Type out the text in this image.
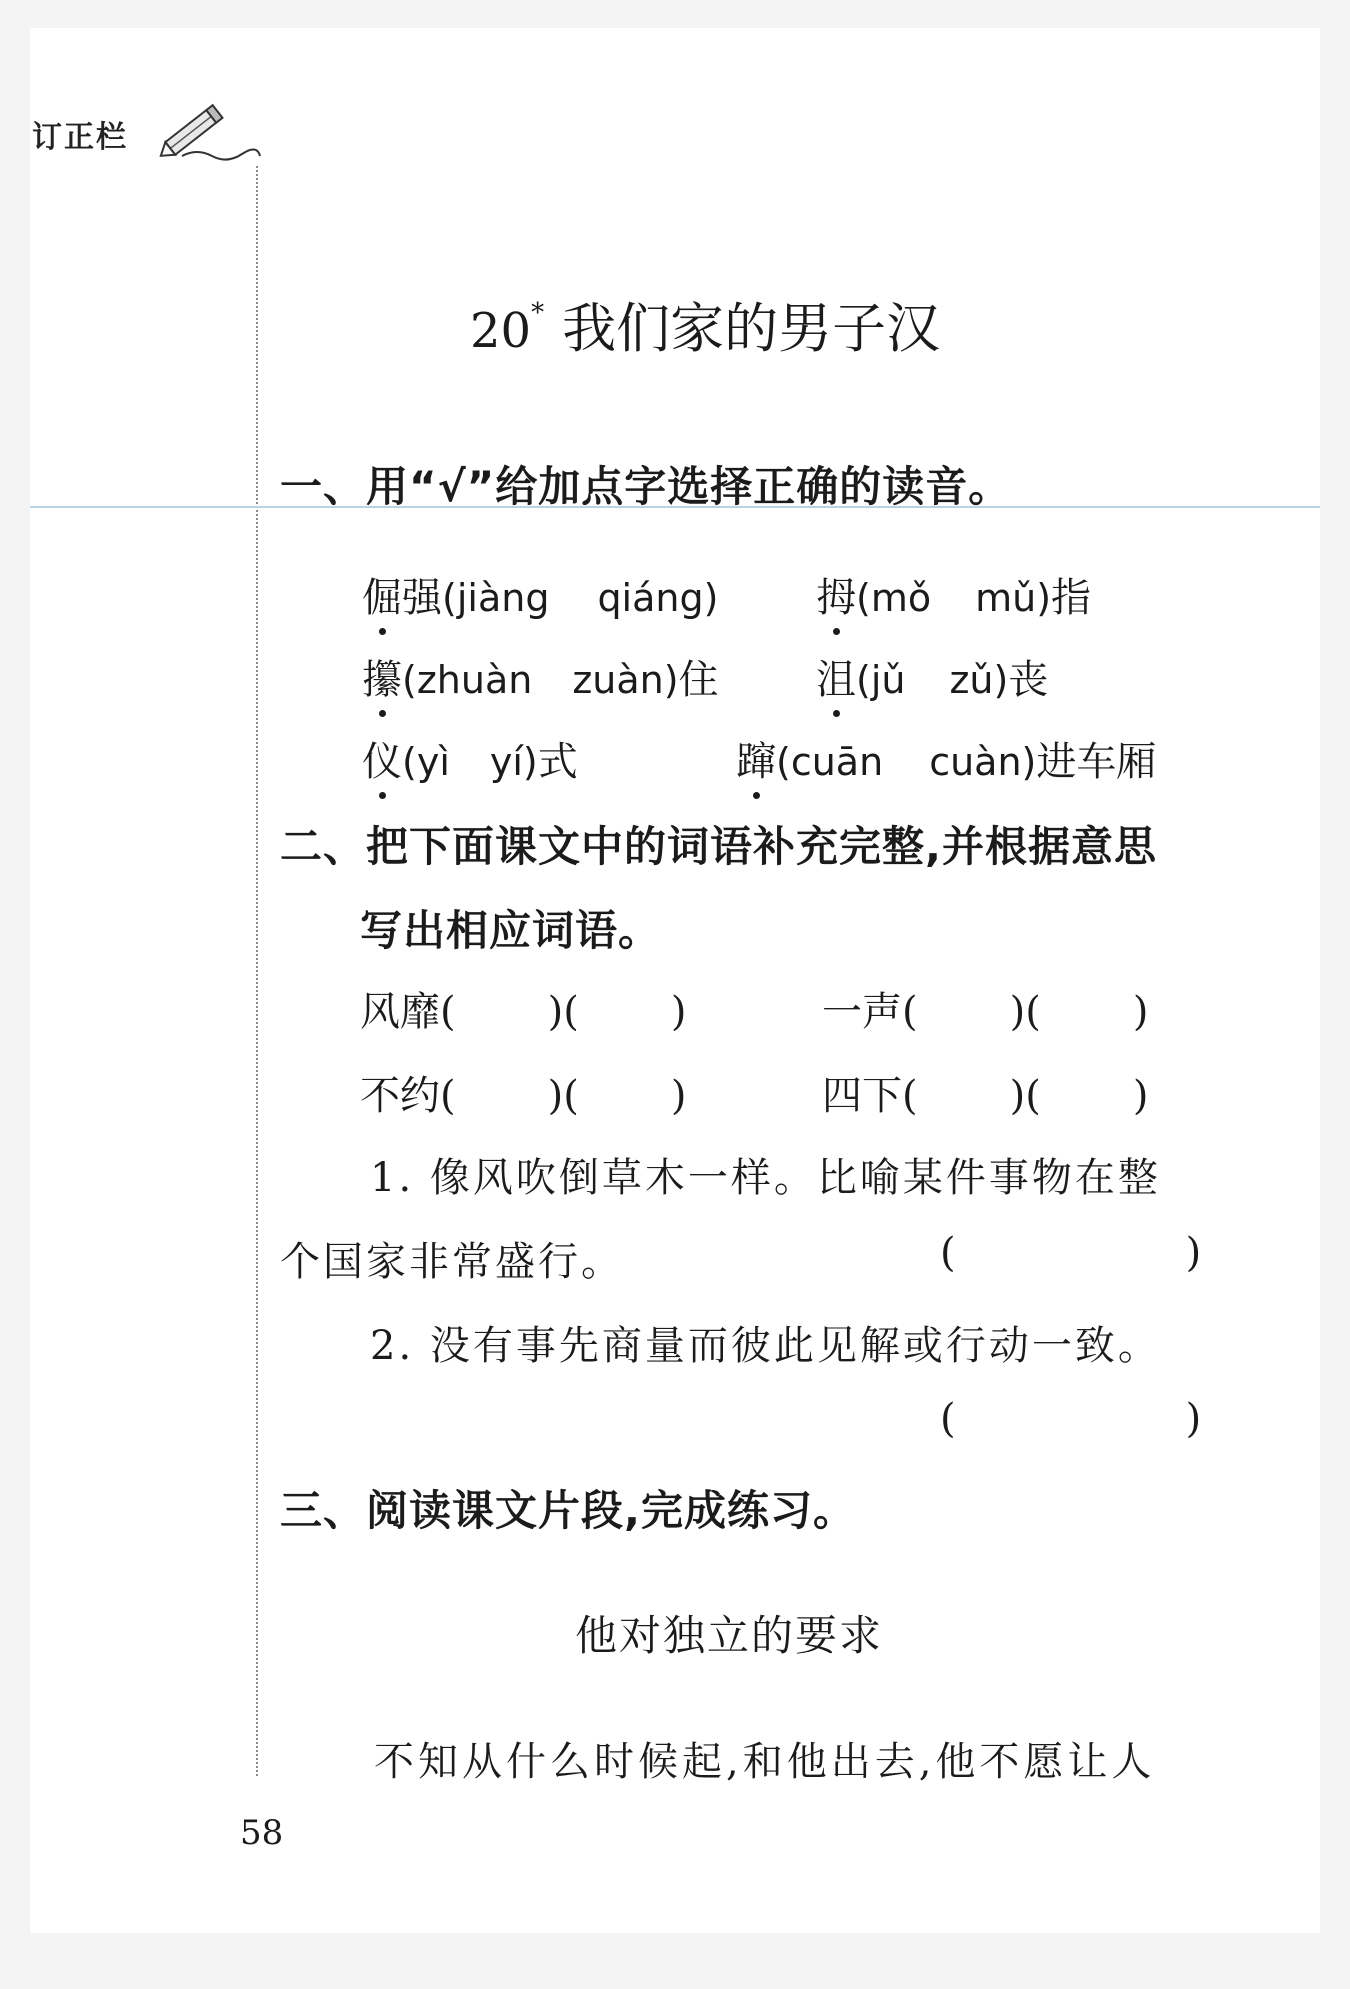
订正栏
20* 我们家的男子汉
一、用“√”给加点字选择正确的读音。
倔强(jiàng qiáng) 拇(mǒ mǔ)指
攥(zhuàn zuàn)住 沮(jǔ zǔ)丧
仪(yì yí)式	蹿(cuān cuàn)进车厢
二、把下面课文中的词语补充完整,并根据意思
写出相应词语。
风靡( )( )	一声( )( )
不约( )( )	四下( )( )
1. 像风吹倒草木一样。比喻某件事物在整
个国家非常盛行。	(	)
2. 没有事先商量而彼此见解或行动一致。
(	)
三、阅读课文片段,完成练习。
他对独立的要求
不知从什么时候起,和他出去,他不愿让人
58
